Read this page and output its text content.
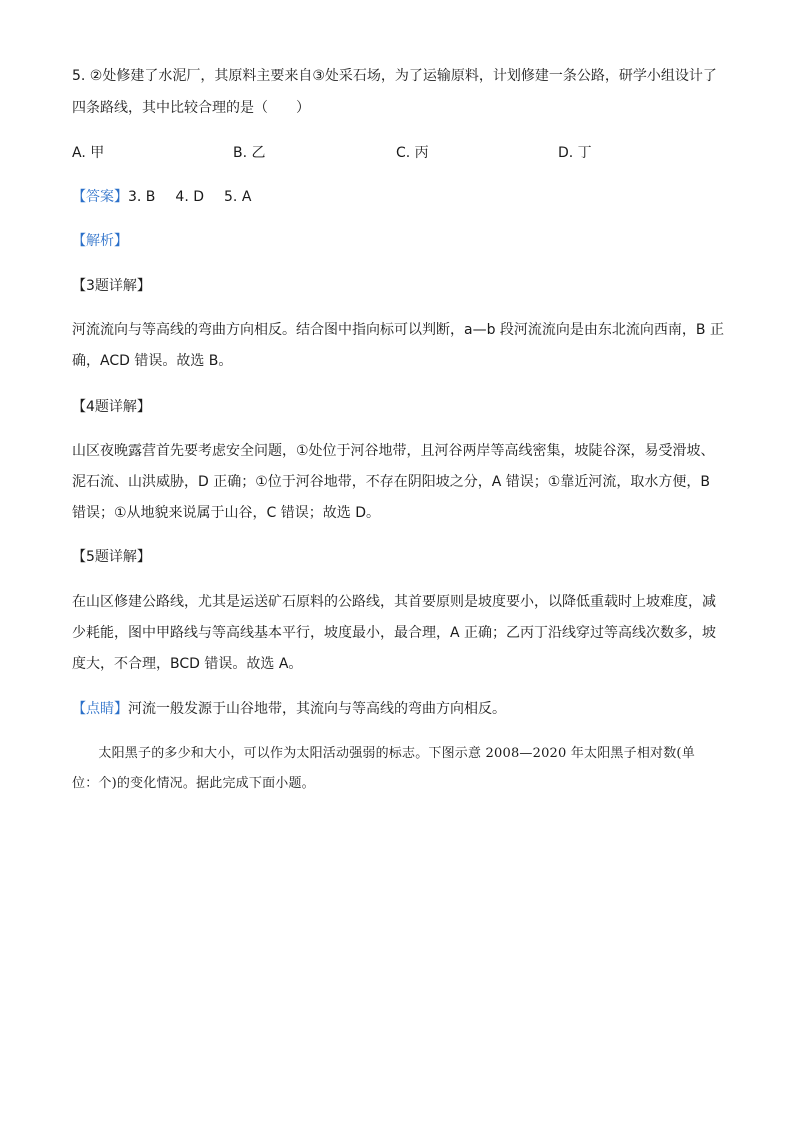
5. ②处修建了水泥厂，其原料主要来自③处采石场，为了运输原料，计划修建一条公路，研学小组设计了
四条路线，其中比较合理的是（　　）
A. 甲	B. 乙	C. 丙	D. 丁
【答案】3. B 4. D 5. A
【解析】
【3题详解】
河流流向与等高线的弯曲方向相反。结合图中指向标可以判断，a—b 段河流流向是由东北流向西南，B 正
确，ACD 错误。故选 B。
【4题详解】
山区夜晚露营首先要考虑安全问题，①处位于河谷地带，且河谷两岸等高线密集，坡陡谷深，易受滑坡、
泥石流、山洪威胁，D 正确；①位于河谷地带，不存在阴阳坡之分，A 错误；①靠近河流，取水方便，B
错误；①从地貌来说属于山谷，C 错误；故选 D。
【5题详解】
在山区修建公路线，尤其是运送矿石原料的公路线，其首要原则是坡度要小，以降低重载时上坡难度，减
少耗能，图中甲路线与等高线基本平行，坡度最小，最合理，A 正确；乙丙丁沿线穿过等高线次数多，坡
度大，不合理，BCD 错误。故选 A。
【点睛】河流一般发源于山谷地带，其流向与等高线的弯曲方向相反。
　　太阳黑子的多少和大小，可以作为太阳活动强弱的标志。下图示意 2008—2020 年太阳黑子相对数(单
位：个)的变化情况。据此完成下面小题。
